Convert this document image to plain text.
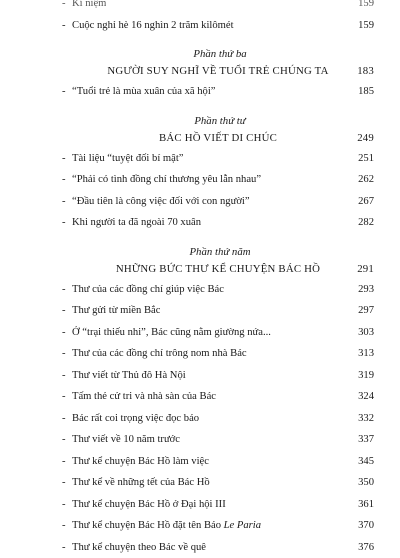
- Kỉ niệm	159
- Cuộc nghỉ hè 16 nghìn 2 trăm kilômét	159
Phần thứ ba
NGƯỜI SUY NGHĨ VỀ TUỔI TRẺ CHÚNG TA	183
- “Tuổi trẻ là mùa xuân của xã hội”	185
Phần thứ tư
BÁC HỒ VIẾT DI CHÚC	249
- Tài liệu “tuyệt đối bí mật”	251
- “Phải có tình đồng chí thương yêu lẫn nhau”	262
- “Đầu tiên là công việc đối với con người”	267
- Khi người ta đã ngoài 70 xuân	282
Phần thứ năm
NHỮNG BỨC THƯ KỂ CHUYỆN BÁC HỒ	291
- Thư của các đồng chí giúp việc Bác	293
- Thư gửi từ miền Bắc	297
- Ở “trại thiếu nhi”, Bác cũng nằm giường nứa...	303
- Thư của các đồng chí trông nom nhà Bác	313
- Thư viết từ Thủ đô Hà Nội	319
- Tấm thẻ cử tri và nhà sàn của Bác	324
- Bác rất coi trọng việc đọc báo	332
- Thư viết về 10 năm trước	337
- Thư kể chuyện Bác Hồ làm việc	345
- Thư kể về những tết của Bác Hồ	350
- Thư kể chuyện Bác Hồ ở Đại hội III	361
- Thư kể chuyện Bác Hồ đặt tên Báo Le Paria	370
- Thư kể chuyện theo Bác về quê	376
